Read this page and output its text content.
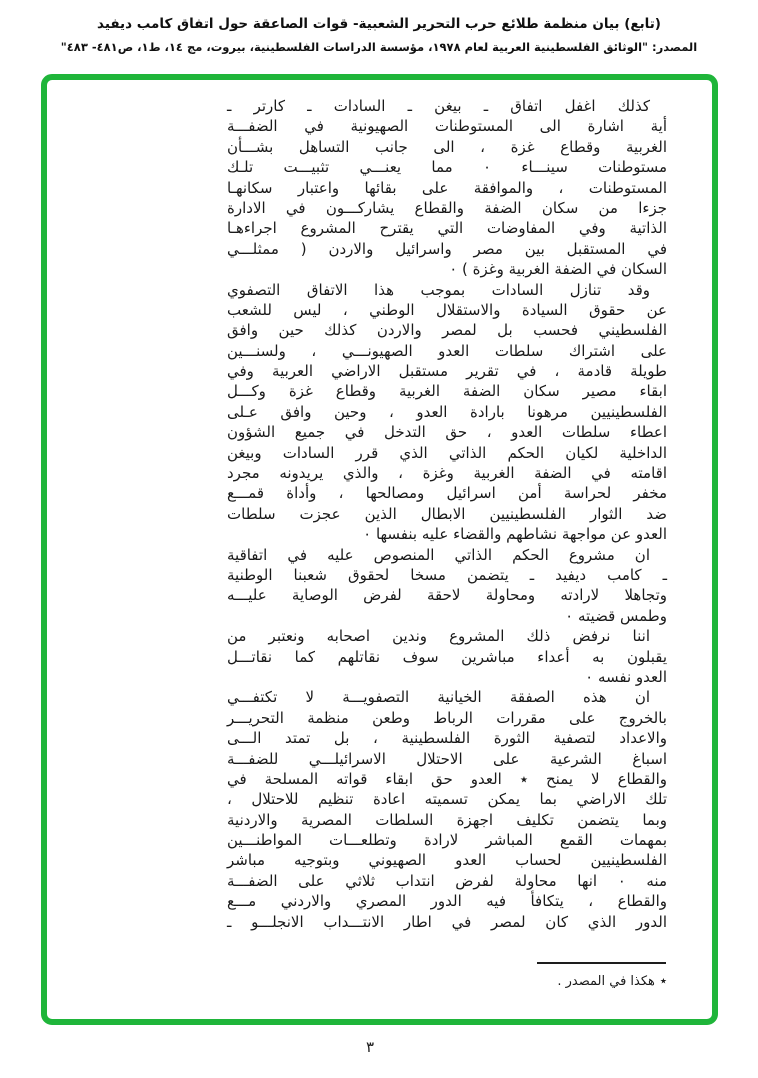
(تابع) بيان منظمة طلائع حرب التحرير الشعبية- قوات الصاعقة حول اتفاق كامب ديفيد
المصدر: "الوثائق الفلسطينية العربية لعام ١٩٧٨، مؤسسة الدراسات الفلسطينية، بيروت، مج ١٤، ط١، ص٤٨١- ٤٨٣"
كذلك اغفل اتفاق ـ بيغن ـ السادات ـ كارتر ـ
أية اشارة الى المستوطنات الصهيونية في الضفـــة
الغربية وقطاع غزة ، الى جانب التساهل بشـــأن
مستوطنات سينـــاء ٠ مما يعنـــي تثبيـــت تلـك
المستوطنات ، والموافقة على بقائها واعتبار سكانهـا
جزءا من سكان الضفة والقطاع يشاركـــون في الادارة
الذاتية وفي المفاوضات التي يقترح المشروع اجراءهـا
في المستقبل بين مصر واسرائيل والاردن ( ممثلـــي
السكان في الضفة الغربية وغزة ) ٠
وقد تنازل السادات بموجب هذا الاتفاق التصفوي
عن حقوق السيادة والاستقلال الوطني ، ليس للشعب
الفلسطيني فحسب بل لمصر والاردن كذلك حين وافق
على اشتراك سلطات العدو الصهيونـــي ، ولسنـــين
طويلة قادمة ، في تقرير مستقبل الاراضي العربية وفي
ابقاء مصير سكان الضفة الغربية وقطاع غزة وكـــل
الفلسطينيين مرهونا بارادة العدو ، وحين وافق عـلى
اعطاء سلطات العدو ، حق التدخل في جميع الشؤون
الداخلية لكيان الحكم الذاتي الذي قرر السادات وبيغن
اقامته في الضفة الغربية وغزة ، والذي يريدونه مجرد
مخفر لحراسة أمن اسرائيل ومصالحها ، وأداة قمـــع
ضد الثوار الفلسطينيين الابطال الذين عجزت سلطات
العدو عن مواجهة نشاطهم والقضاء عليه بنفسها ٠
ان مشروع الحكم الذاتي المنصوص عليه في اتفاقية
ـ كامب ديفيد ـ يتضمن مسخا لحقوق شعبنا الوطنية
وتجاهلا لارادته ومحاولة لاحقة لفرض الوصاية عليـــه
وطمس قضيته ٠
اننا نرفض ذلك المشروع وندين اصحابه ونعتبر من
يقبلون به أعداء مباشرين سوف نقاتلهم كما نقاتـــل
العدو نفسه ٠
ان هذه الصفقة الخيانية التصفويـــة لا تكتفـــي
بالخروج على مقررات الرباط وطعن منظمة التحريـــر
والاعداد لتصفية الثورة الفلسطينية ، بل تمتد الـــى
اسباغ الشرعية على الاحتلال الاسرائيلـــي للضفـــة
والقطاع لا يمنح ٭ العدو حق ابقاء قواته المسلحة في
تلك الاراضي بما يمكن تسميته اعادة تنظيم للاحتلال ،
وبما يتضمن تكليف اجهزة السلطات المصرية والاردنية
بمهمات القمع المباشر لارادة وتطلعـــات المواطنـــين
الفلسطينيين لحساب العدو الصهيوني وبتوجيه مباشر
منه ٠ انها محاولة لفرض انتداب ثلاثي على الضفـــة
والقطاع ، يتكافأ فيه الدور المصري والاردني مـــع
الدور الذي كان لمصر في اطار الانتـــداب الانجلـــو ـ
٭هكذا في المصدر .
٣
